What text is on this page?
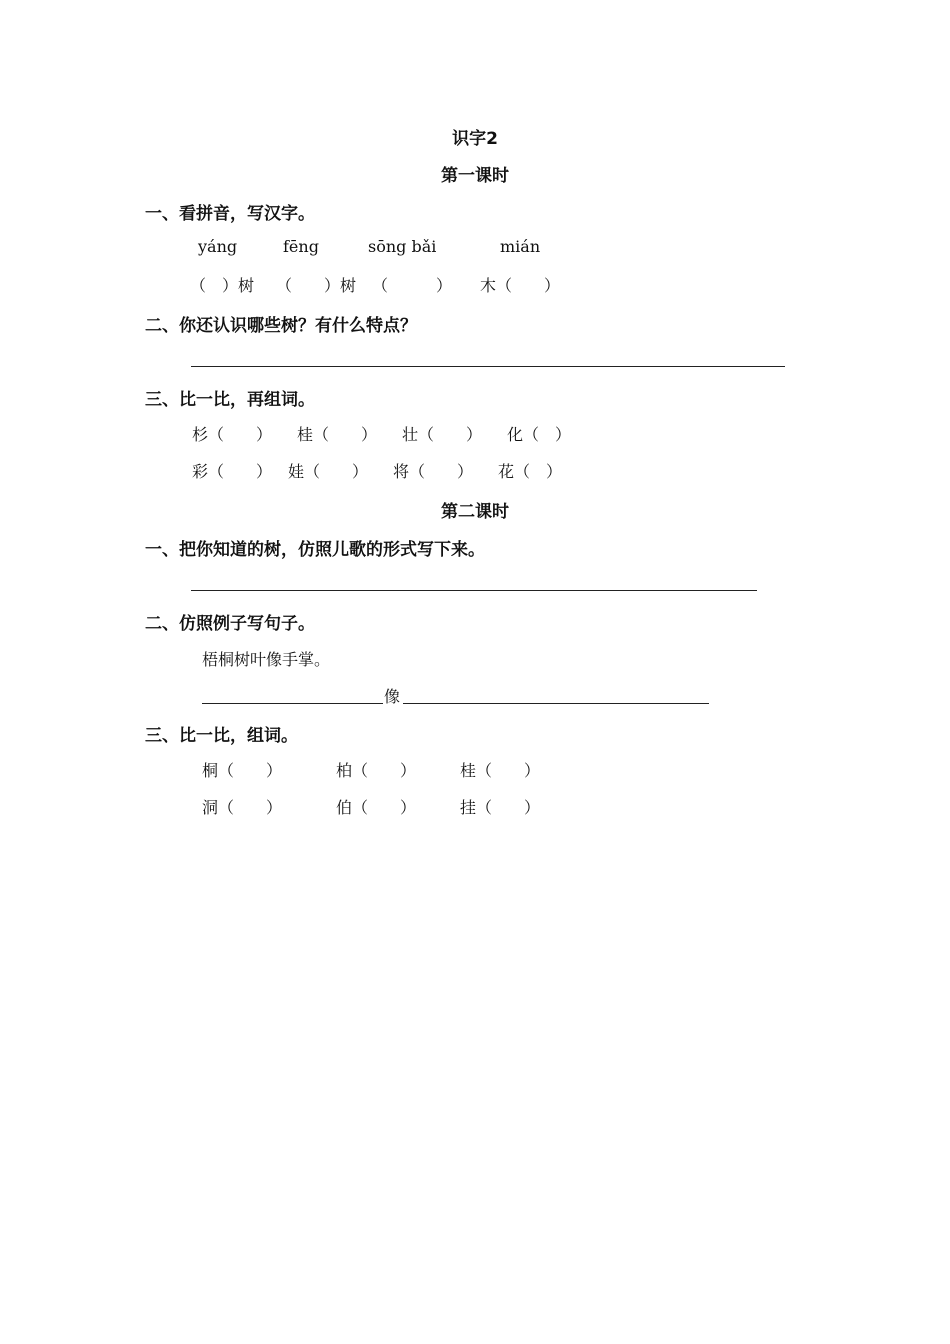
识字2
第一课时
一、看拼音，写汉字。
yáng	fēng	sōng bǎi	mián
（　）树 （　　）树 （　　　） 木（　　）
二、你还认识哪些树？有什么特点？
三、比一比，再组词。
杉（　　） 桂（　　） 壮（　　） 化（　）
彩（　　） 娃（　　） 将（　　） 花（　）
第二课时
一、把你知道的树，仿照儿歌的形式写下来。
二、仿照例子写句子。
梧桐树叶像手掌。
像
三、比一比，组词。
桐（　　）	柏（　　）	桂（　　）
洞（　　）	伯（　　）	挂（　　）
